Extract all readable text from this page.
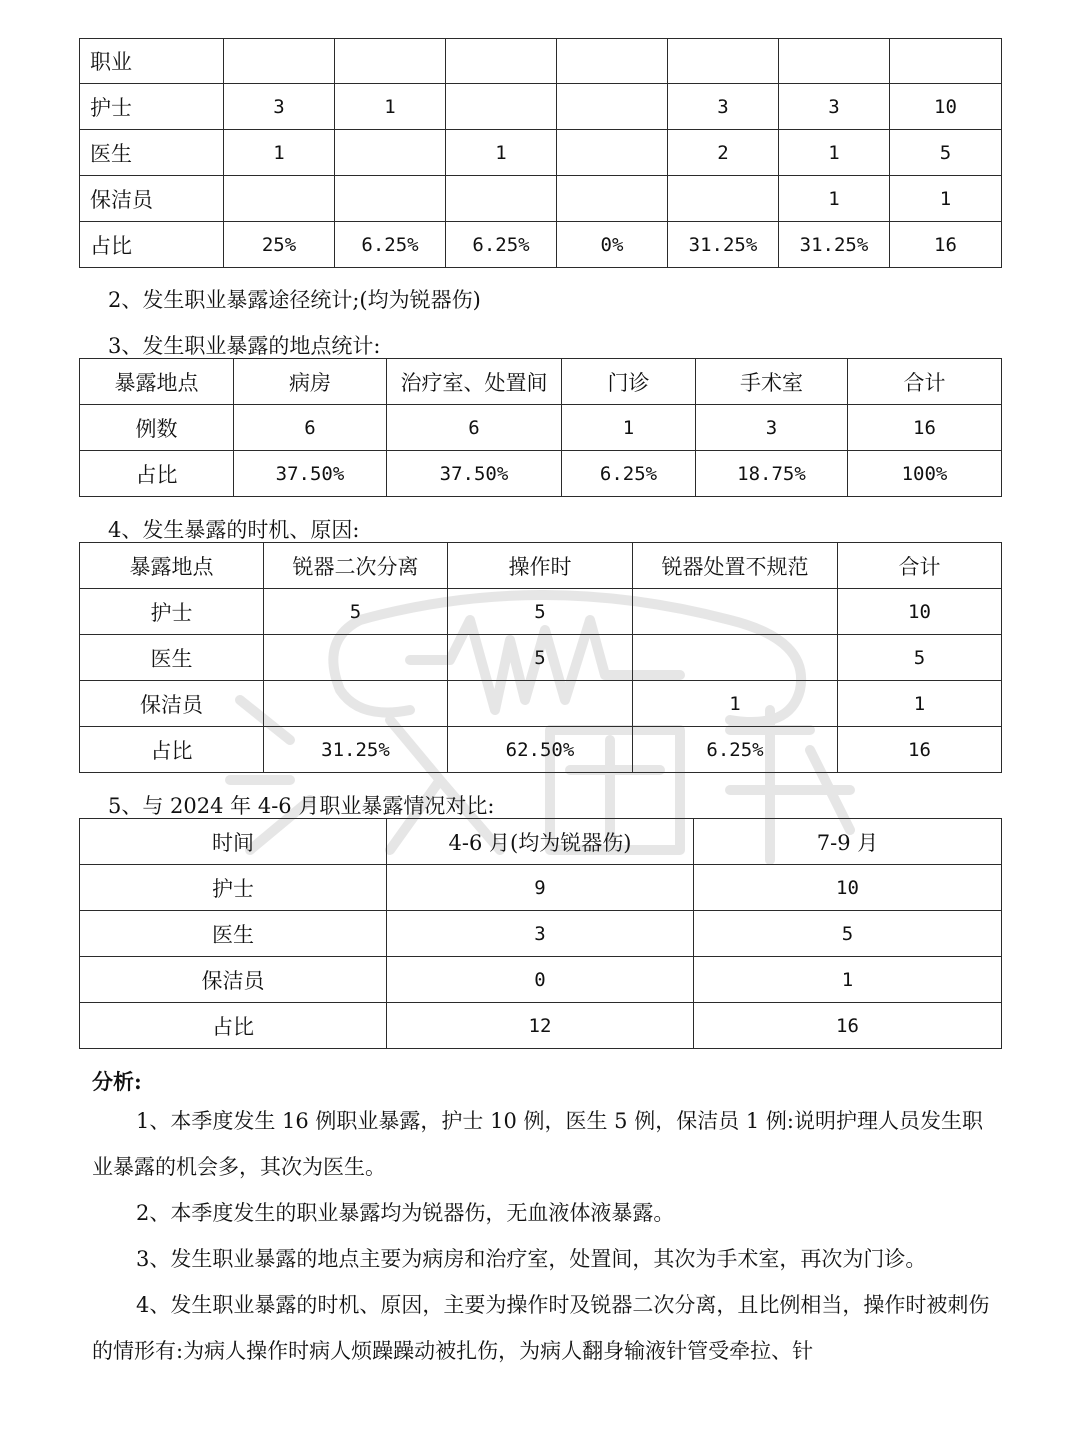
职业							
护士	3	1			3	3	10
医生	1		1		2	1	5
保洁员						1	1
占比	25%	6.25%	6.25%	0%	31.25%	31.25%	16
2、发生职业暴露途径统计;(均为锐器伤)
3、发生职业暴露的地点统计:
暴露地点	病房	治疗室、处置间	门诊	手术室	合计
例数	6	6	1	3	16
占比	37.50%	37.50%	6.25%	18.75%	100%
4、发生暴露的时机、原因:
暴露地点	锐器二次分离	操作时	锐器处置不规范	合计
护士	5	5		10
医生		5		5
保洁员			1	1
占比	31.25%	62.50%	6.25%	16
5、与 2024 年 4-6 月职业暴露情况对比:
时间	4-6 月(均为锐器伤)	7-9 月
护士	9	10
医生	3	5
保洁员	0	1
占比	12	16
分析:
1、本季度发生 16 例职业暴露，护士 10 例，医生 5 例，保洁员 1 例:说明护理人员发生职业暴露的机会多，其次为医生。
2、本季度发生的职业暴露均为锐器伤，无血液体液暴露。
3、发生职业暴露的地点主要为病房和治疗室，处置间，其次为手术室，再次为门诊。
4、发生职业暴露的时机、原因，主要为操作时及锐器二次分离，且比例相当，操作时被刺伤的情形有:为病人操作时病人烦躁躁动被扎伤，为病人翻身输液针管受牵拉、针
